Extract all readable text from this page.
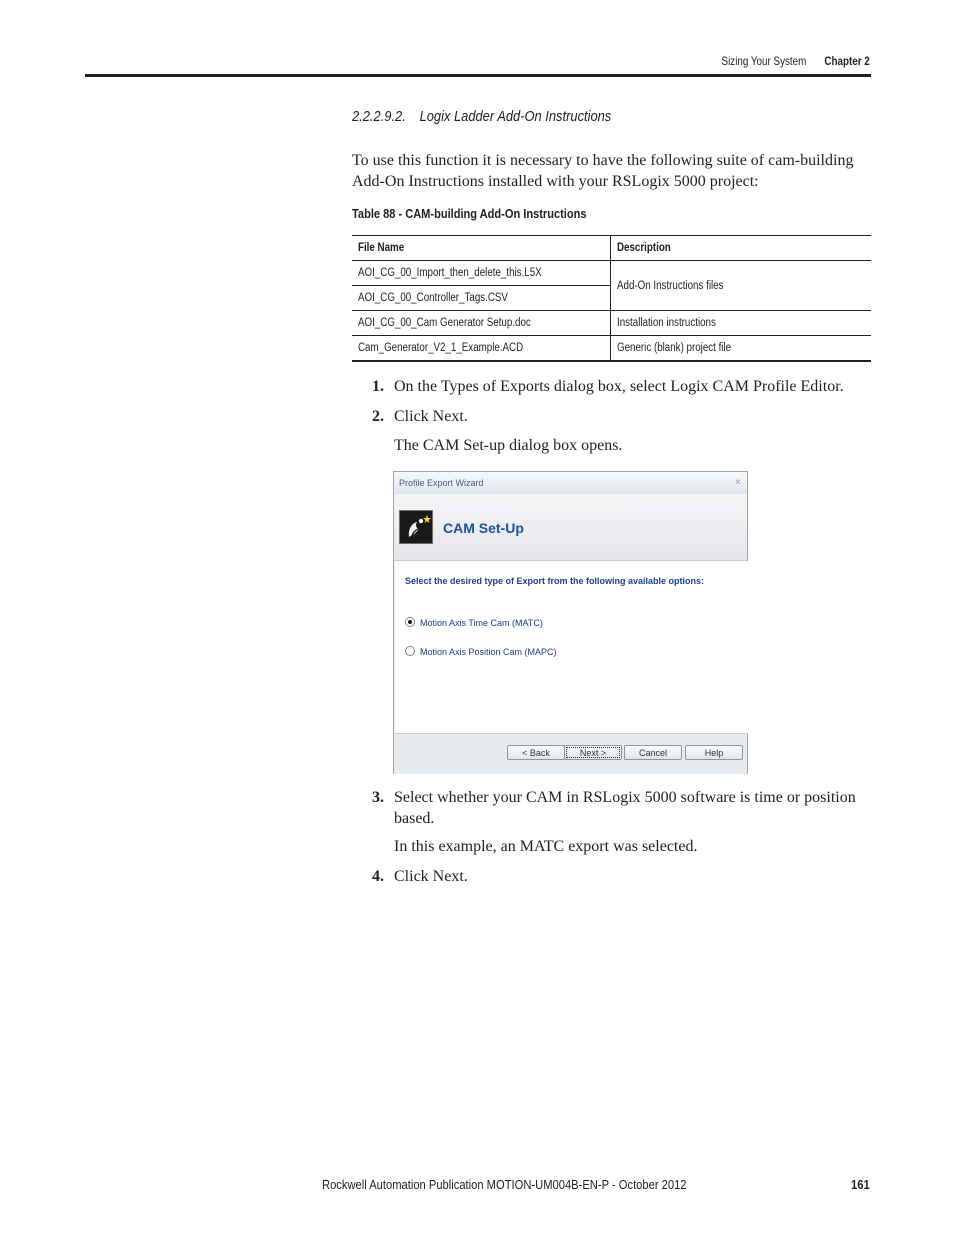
Sizing Your System Chapter 2
2.2.2.9.2. Logix Ladder Add-On Instructions
To use this function it is necessary to have the following suite of cam-building Add-On Instructions installed with your RSLogix 5000 project:
Table 88 - CAM-building Add-On Instructions
File Name	Description
AOI_CG_00_Import_then_delete_this.L5X	Add-On Instructions files
AOI_CG_00_Controller_Tags.CSV	
AOI_CG_00_Cam Generator Setup.doc	Installation instructions
Cam_Generator_V2_1_Example.ACD	Generic (blank) project file
1. On the Types of Exports dialog box, select Logix CAM Profile Editor.
2. Click Next.
The CAM Set-up dialog box opens.
Profile Export Wizard	×
CAM Set-Up
Select the desired type of Export from the following available options:
Motion Axis Time Cam (MATC)
Motion Axis Position Cam (MAPC)
< Back	Next >	Cancel	Help
3. Select whether your CAM in RSLogix 5000 software is time or position based.
In this example, an MATC export was selected.
4. Click Next.
Rockwell Automation Publication MOTION-UM004B-EN-P - October 2012	161
